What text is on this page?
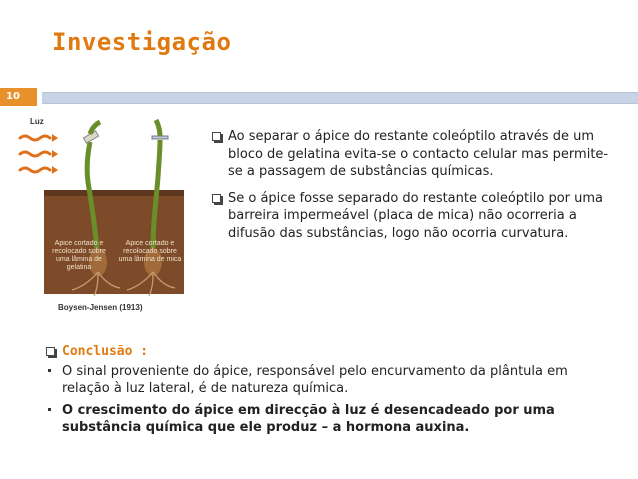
Investigação
10
Luz
Ápice cortado e recolocado sobre uma lâmina de gelatina
Ápice cortado e recolocado sobre uma lâmina de mica
Boysen-Jensen (1913)
Ao separar o ápice do restante coleóptilo através de um bloco de gelatina evita-se o contacto celular mas permite-se a passagem de substâncias químicas.
Se o ápice fosse separado do restante coleóptilo por uma barreira impermeável (placa de mica) não ocorreria a difusão das substâncias, logo não ocorria curvatura.
Conclusão :
O sinal proveniente do ápice, responsável pelo encurvamento da plântula em relação à luz lateral, é de natureza química.
O crescimento do ápice em direcção à luz é desencadeado por uma substância química que ele produz – a hormona auxina.
